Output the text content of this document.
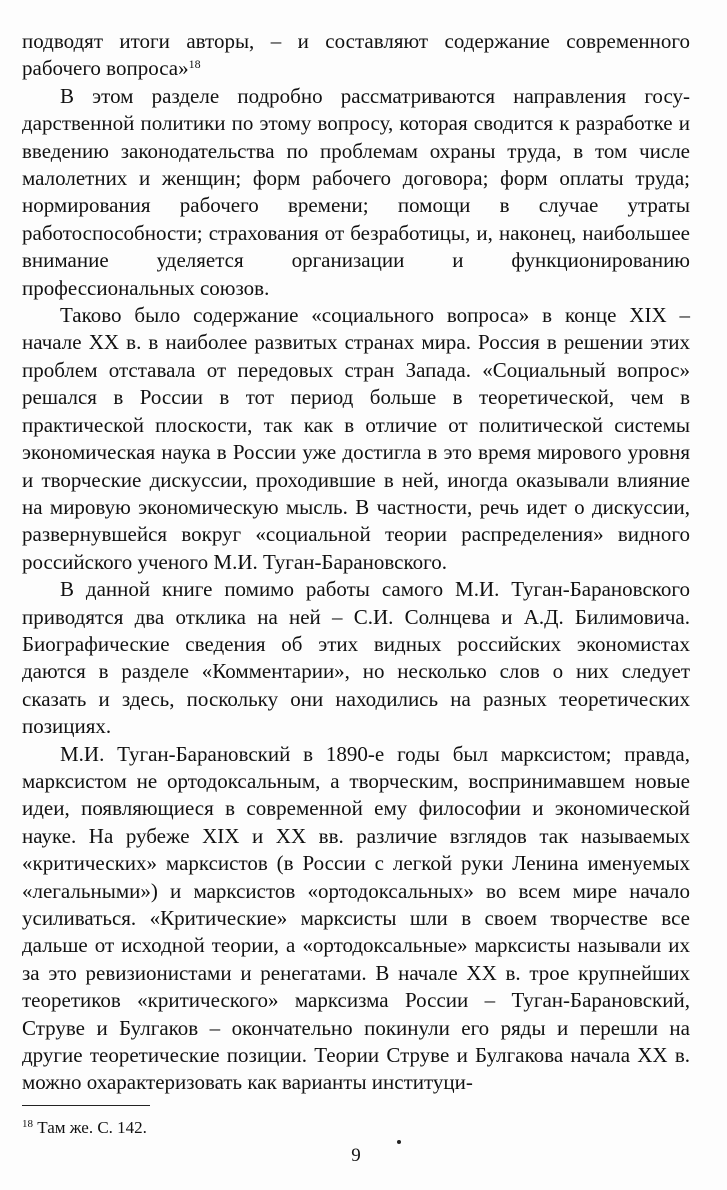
подводят итоги авторы, – и составляют содержание современного рабочего вопроса»$^{18}$

В этом разделе подробно рассматриваются направления государственной политики по этому вопросу, которая сводится к разработке и введению законодательства по проблемам охраны труда, в том числе малолетних и женщин; форм рабочего договора; форм оплаты труда; нормирования рабочего времени; помощи в случае утраты работоспособности; страхования от безработицы, и, наконец, наибольшее внимание уделяется организации и функционированию профессиональных союзов.

Таково было содержание «социального вопроса» в конце XIX – начале XX в. в наиболее развитых странах мира. Россия в решении этих проблем отставала от передовых стран Запада. «Социальный вопрос» решался в России в тот период больше в теоретической, чем в практической плоскости, так как в отличие от политической системы экономическая наука в России уже достигла в это время мирового уровня и творческие дискуссии, проходившие в ней, иногда оказывали влияние на мировую экономическую мысль. В частности, речь идет о дискуссии, развернувшейся вокруг «социальной теории распределения» видного российского ученого М.И. Туган-Барановского.

В данной книге помимо работы самого М.И. Туган-Барановского приводятся два отклика на ней – С.И. Солнцева и А.Д. Билимовича. Биографические сведения об этих видных российских экономистах даются в разделе «Комментарии», но несколько слов о них следует сказать и здесь, поскольку они находились на разных теоретических позициях.

М.И. Туган-Барановский в 1890-е годы был марксистом; правда, марксистом не ортодоксальным, а творческим, воспринимавшем новые идеи, появляющиеся в современной ему философии и экономической науке. На рубеже XIX и XX вв. различие взглядов так называемых «критических» марксистов (в России с легкой руки Ленина именуемых «легальными») и марксистов «ортодоксальных» во всем мире начало усиливаться. «Критические» марксисты шли в своем творчестве все дальше от исходной теории, а «ортодоксальные» марксисты называли их за это ревизионистами и ренегатами. В начале XX в. трое крупнейших теоретиков «критического» марксизма России – Туган-Барановский, Струве и Булгаков – окончательно покинули его ряды и перешли на другие теоретические позиции. Теории Струве и Булгакова начала XX в. можно охарактеризовать как варианты институци-

$^{18}$ Там же. С. 142.
9
